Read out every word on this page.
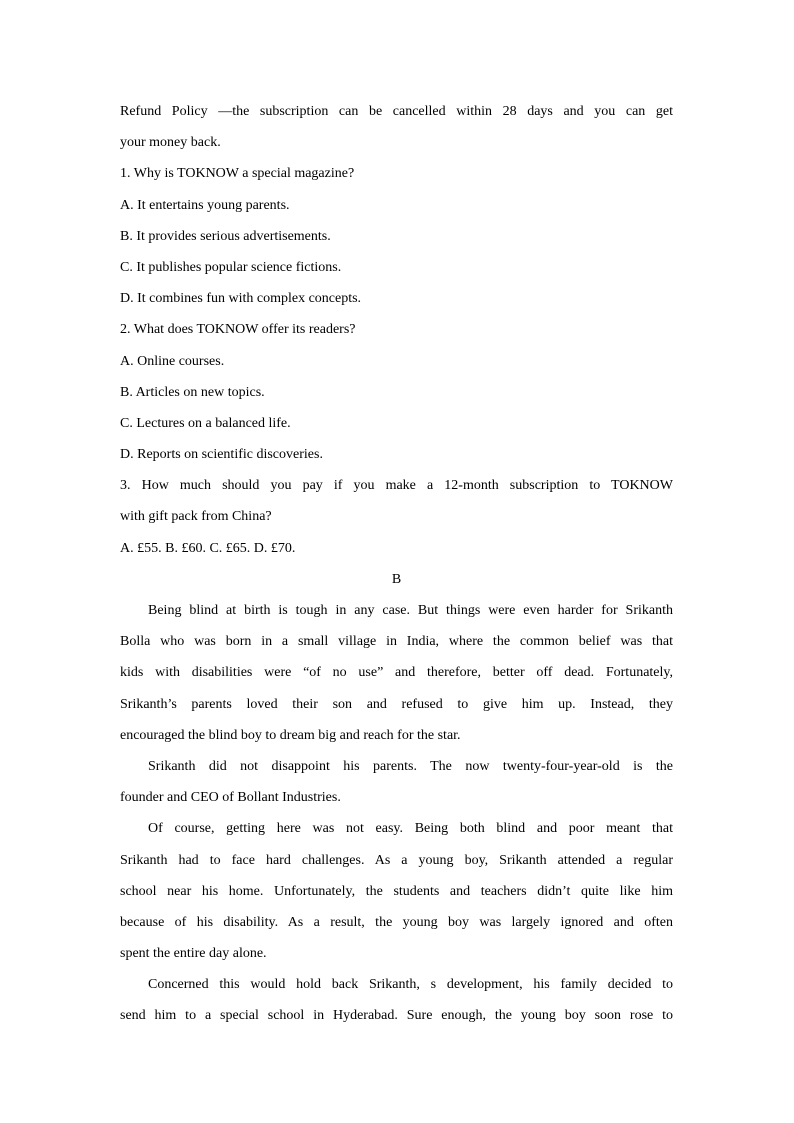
Refund Policy —the subscription can be cancelled within 28 days and you can get
your money back.
1. Why is TOKNOW a special magazine?
A. It entertains young parents.
B. It provides serious advertisements.
C. It publishes popular science fictions.
D. It combines fun with complex concepts.
2. What does TOKNOW offer its readers?
A. Online courses.
B. Articles on new topics.
C. Lectures on a balanced life.
D. Reports on scientific discoveries.
3. How much should you pay if you make a 12-month subscription to TOKNOW
with gift pack from China?
A. £55. B. £60. C. £65. D. £70.
B
Being blind at birth is tough in any case. But things were even harder for Srikanth
Bolla who was born in a small village in India, where the common belief was that
kids with disabilities were “of no use” and therefore, better off dead. Fortunately,
Srikanth’s parents loved their son and refused to give him up. Instead, they
encouraged the blind boy to dream big and reach for the star.
Srikanth did not disappoint his parents. The now twenty-four-year-old is the
founder and CEO of Bollant Industries.
Of course, getting here was not easy. Being both blind and poor meant that
Srikanth had to face hard challenges. As a young boy, Srikanth attended a regular
school near his home. Unfortunately, the students and teachers didn’t quite like him
because of his disability. As a result, the young boy was largely ignored and often
spent the entire day alone.
Concerned this would hold back Srikanth, s development, his family decided to
send him to a special school in Hyderabad. Sure enough, the young boy soon rose to
